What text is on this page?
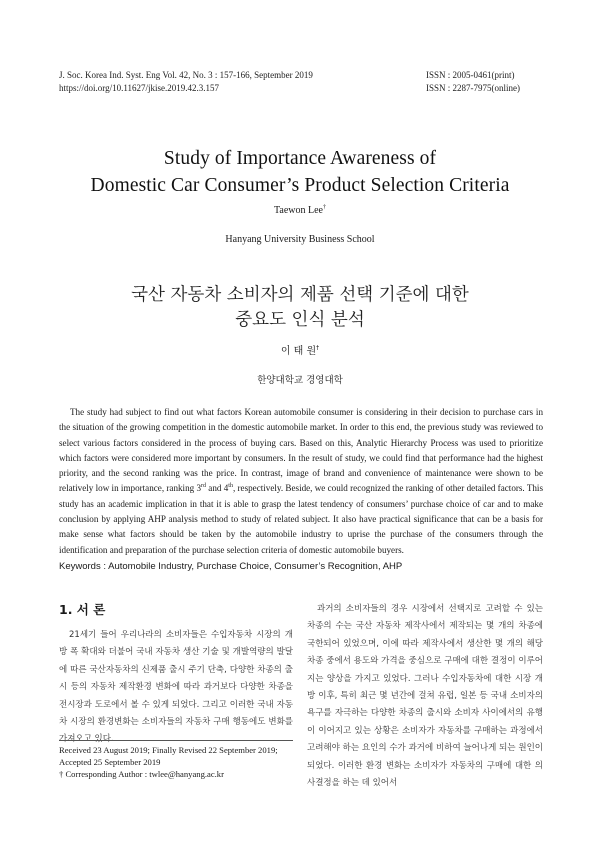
J. Soc. Korea Ind. Syst. Eng Vol. 42, No. 3 : 157-166, September 2019
https://doi.org/10.11627/jkise.2019.42.3.157
ISSN : 2005-0461(print)
ISSN : 2287-7975(online)
Study of Importance Awareness of
Domestic Car Consumer’s Product Selection Criteria
Taewon Lee†
Hanyang University Business School
국산 자동차 소비자의 제품 선택 기준에 대한
중요도 인식 분석
이 태 원†
한양대학교 경영대학
The study had subject to find out what factors Korean automobile consumer is considering in their decision to purchase cars in the situation of the growing competition in the domestic automobile market. In order to this end, the previous study was reviewed to select various factors considered in the process of buying cars. Based on this, Analytic Hierarchy Process was used to prioritize which factors were considered more important by consumers. In the result of study, we could find that performance had the highest priority, and the second ranking was the price. In contrast, image of brand and convenience of maintenance were shown to be relatively low in importance, ranking 3rd and 4th, respectively. Beside, we could recognized the ranking of other detailed factors. This study has an academic implication in that it is able to grasp the latest tendency of consumers’ purchase choice of car and to make conclusion by applying AHP analysis method to study of related subject. It also have practical significance that can be a basis for make sense what factors should be taken by the automobile industry to uprise the purchase of the consumers through the identification and preparation of the purchase selection criteria of domestic automobile buyers.
Keywords : Automobile Industry, Purchase Choice, Consumer’s Recognition, AHP
1. 서 론
21세기 들어 우리나라의 소비자들은 수입자동차 시장의 개방 폭 확대와 더불어 국내 자동차 생산 기술 및 개발역량의 발달에 따른 국산자동차의 신제품 출시 주기 단축, 다양한 차종의 출시 등의 자동차 제작환경 변화에 따라 과거보다 다양한 차종을 전시장과 도로에서 볼 수 있게 되었다. 그리고 이러한 국내 자동차 시장의 환경변화는 소비자들의 자동차 구매 행동에도 변화를 가져오고 있다.
Received 23 August 2019; Finally Revised 22 September 2019;
Accepted 25 September 2019
† Corresponding Author : twlee@hanyang.ac.kr
과거의 소비자들의 경우 시장에서 선택지로 고려할 수 있는 차종의 수는 국산 자동차 제작사에서 제작되는 몇 개의 차종에 국한되어 있었으며, 이에 따라 제작사에서 생산한 몇 개의 해당 차종 중에서 용도와 가격을 중심으로 구매에 대한 결정이 이루어지는 양상을 가지고 있었다. 그러나 수입자동차에 대한 시장 개방 이후, 특히 최근 몇 년간에 걸쳐 유럽, 일본 등 국내 소비자의 욕구를 자극하는 다양한 차종의 출시와 소비자 사이에서의 유행이 이어지고 있는 상황은 소비자가 자동차를 구매하는 과정에서 고려해야 하는 요인의 수가 과거에 비하여 늘어나게 되는 원인이 되었다. 이러한 환경 변화는 소비자가 자동차의 구매에 대한 의사결정을 하는 데 있어서
